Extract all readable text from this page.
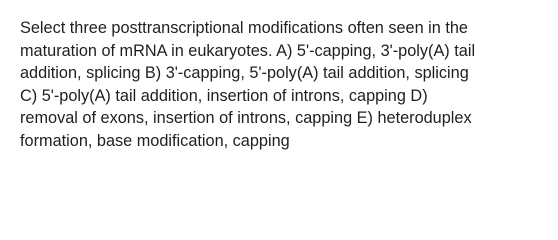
Select three posttranscriptional modifications often seen in the
maturation of mRNA in eukaryotes. A) 5'-capping, 3'-poly(A) tail
addition, splicing B) 3'-capping, 5'-poly(A) tail addition, splicing
C) 5'-poly(A) tail addition, insertion of introns, capping D)
removal of exons, insertion of introns, capping E) heteroduplex
formation, base modification, capping
